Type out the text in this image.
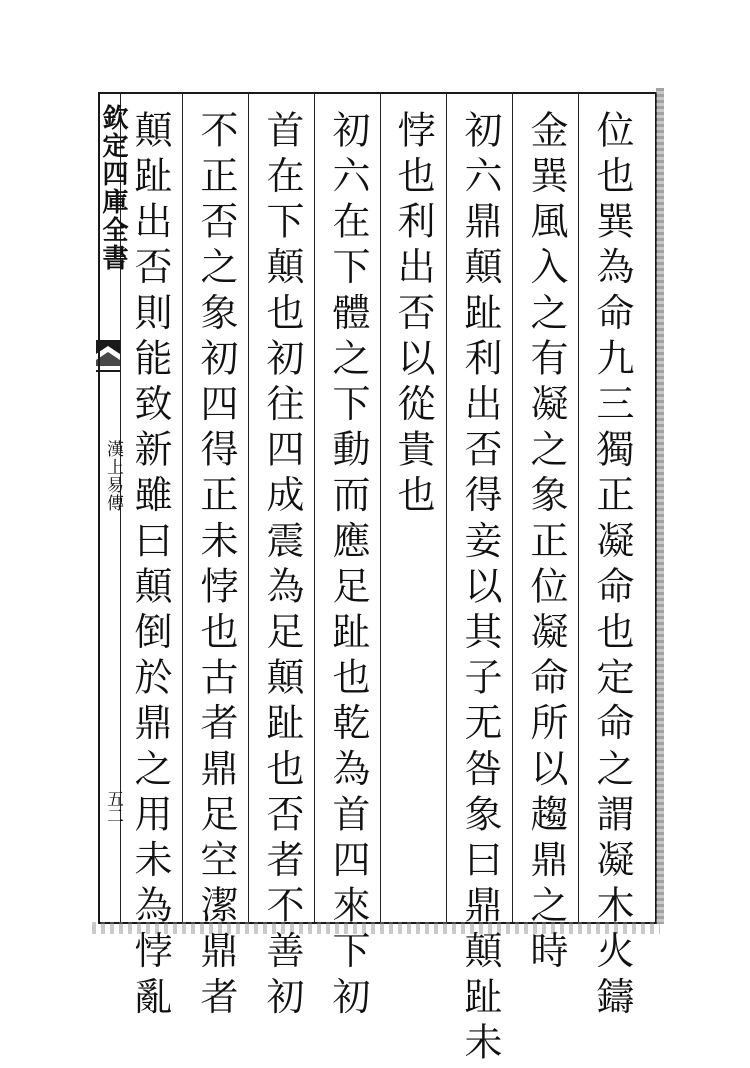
欽定四庫全書
漢上易傳
五二	位也巽為命九三獨正凝命也定命之謂凝木火鑄
金巽風入之有凝之象正位凝命所以趨鼎之時
初六鼎顛趾利出否得妾以其子无咎象曰鼎顛趾未
悖也利出否以從貴也
初六在下體之下動而應足趾也乾為首四來下初
首在下顛也初往四成震為足顛趾也否者不善初
不正否之象初四得正未悖也古者鼎足空潔鼎者
顛趾出否則能致新雖曰顛倒於鼎之用未為悖亂
